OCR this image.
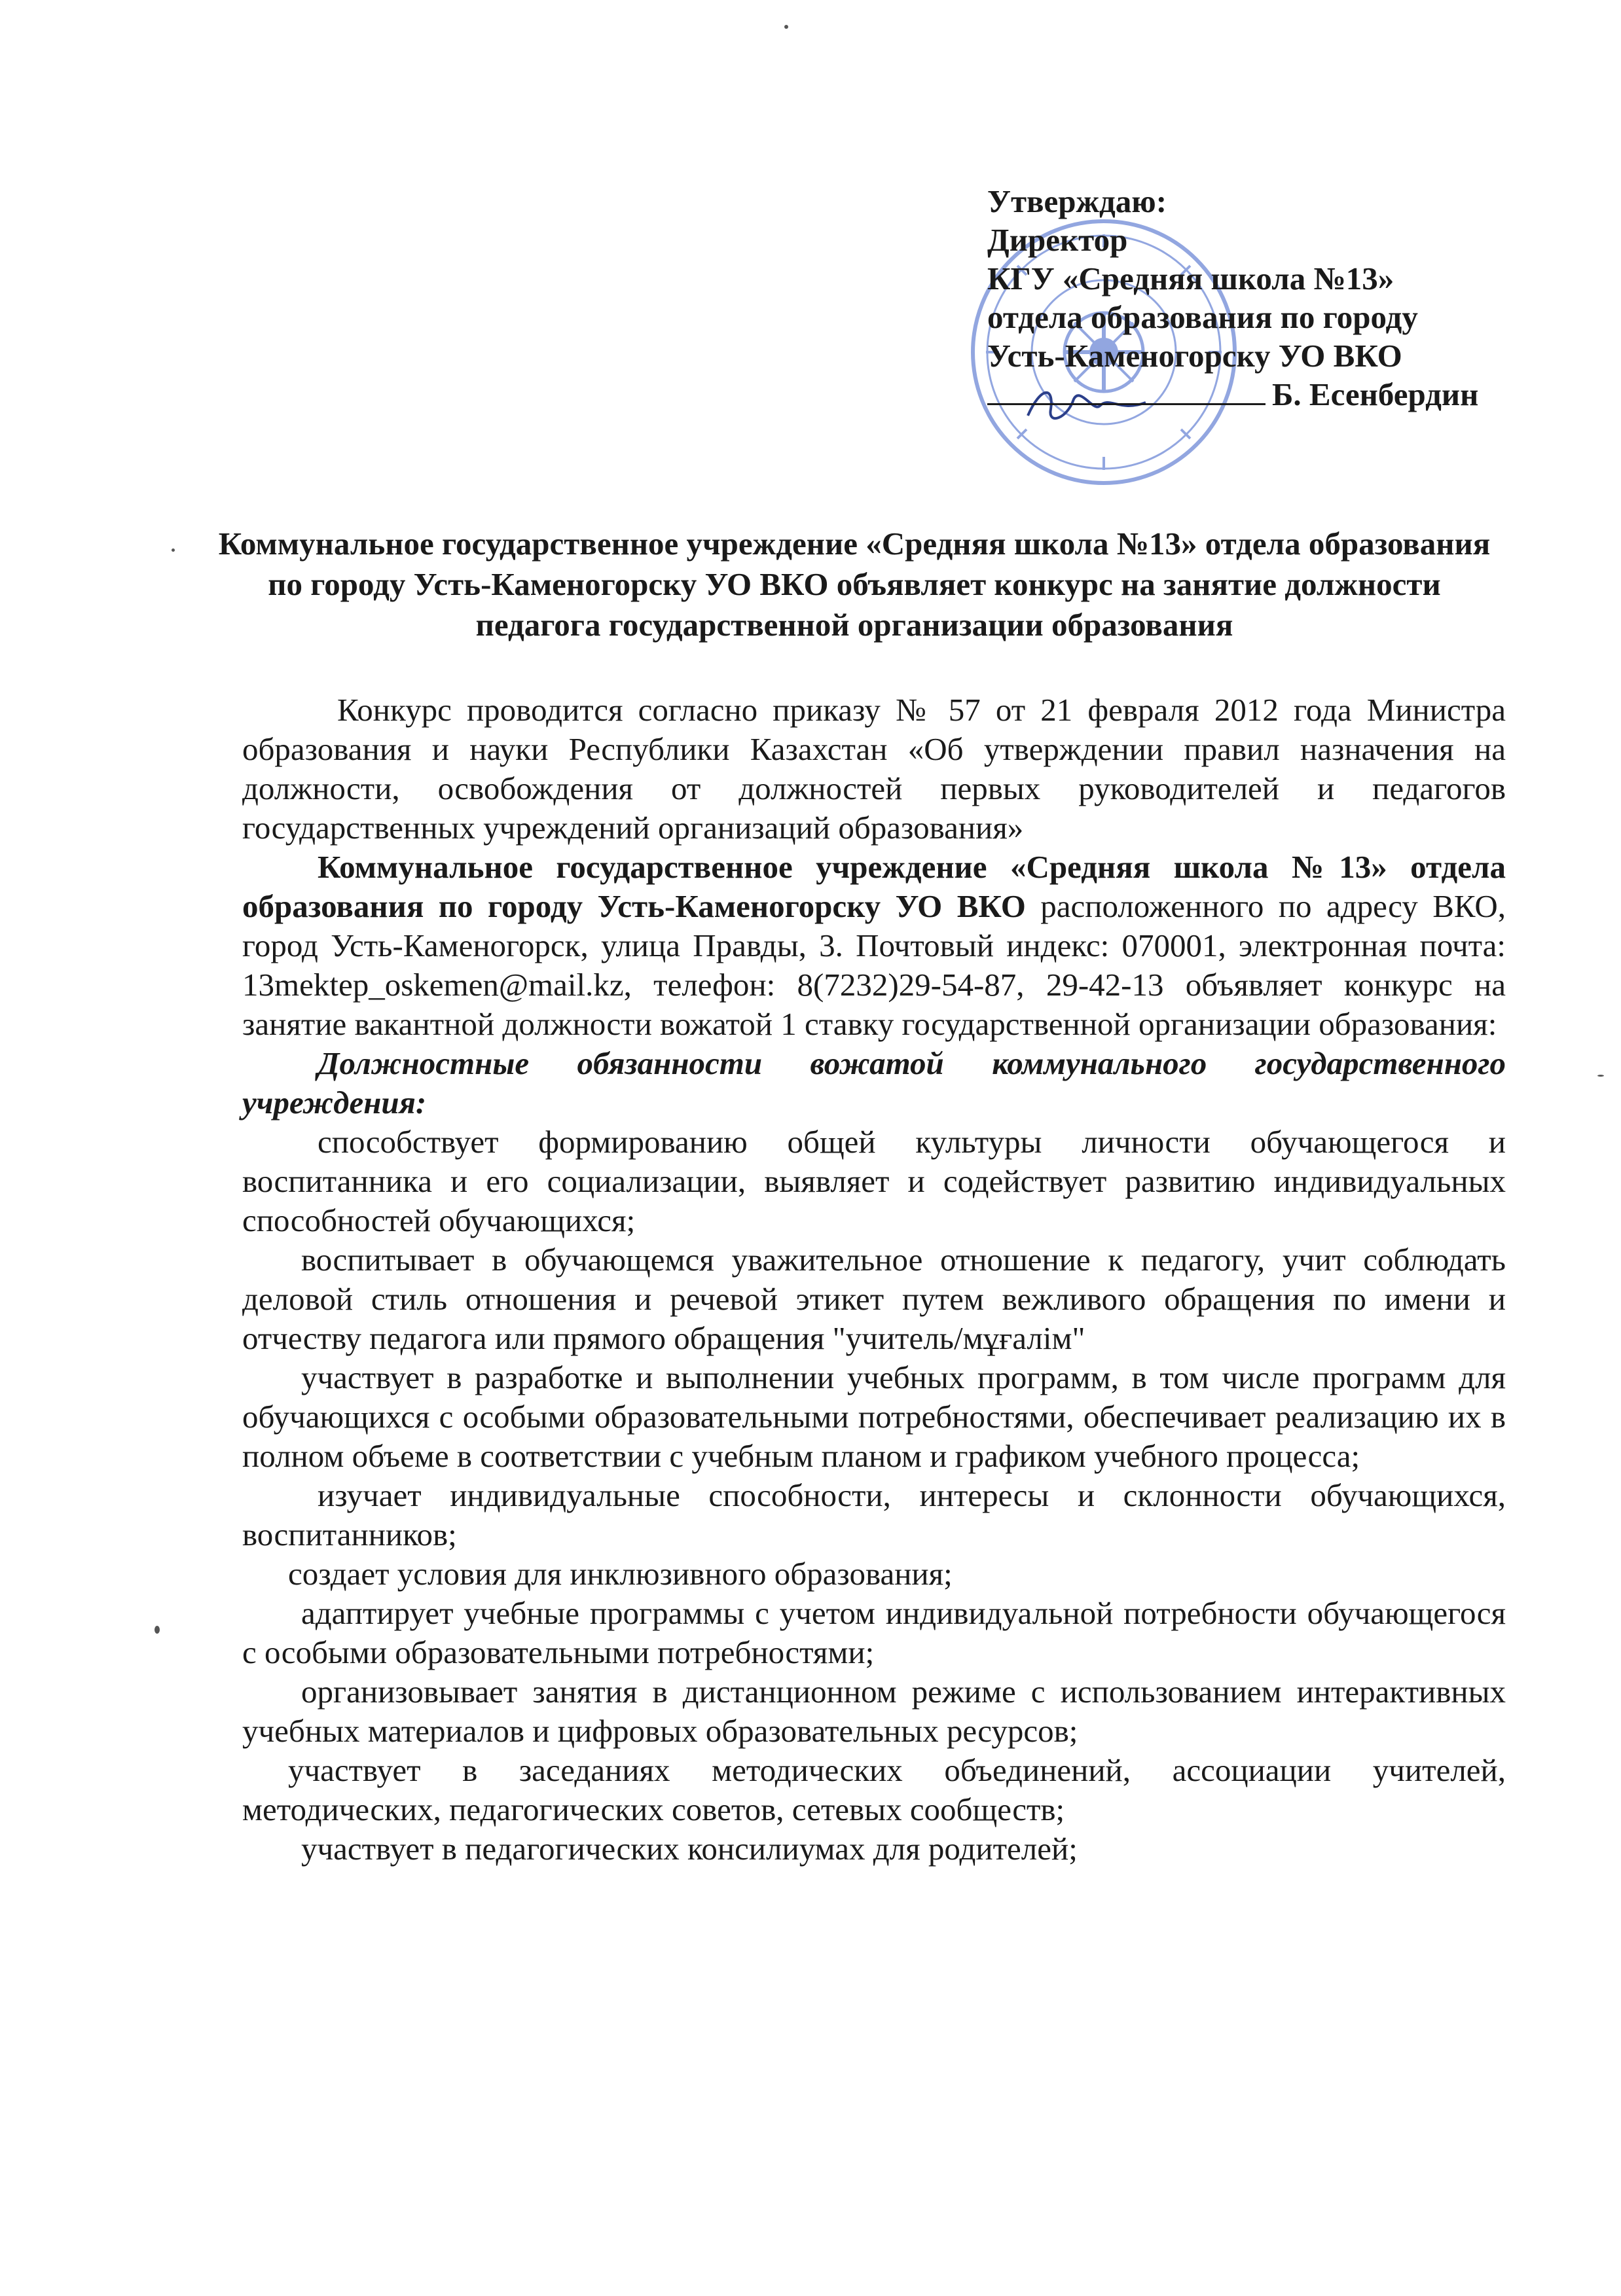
Утверждаю:
Директор
КГУ «Средняя школа №13»
отдела образования по городу
Усть-Каменогорску УО ВКО
Б. Есенбердин
Коммунальное государственное учреждение «Средняя школа №13» отдела образования по городу Усть-Каменогорску УО ВКО объявляет конкурс на занятие должности педагога государственной организации образования

Конкурс проводится согласно приказу № 57 от 21 февраля 2012 года Министра образования и науки Республики Казахстан «Об утверждении правил назначения на должности, освобождения от должностей первых руководителей и педагогов государственных учреждений организаций образования»

Коммунальное государственное учреждение «Средняя школа №13» отдела образования по городу Усть-Каменогорску УО ВКО расположенного по адресу ВКО, город Усть-Каменогорск, улица Правды, 3. Почтовый индекс: 070001, электронная почта: 13mektep_oskemen@mail.kz, телефон: 8(7232)29-54-87, 29-42-13 объявляет конкурс на занятие вакантной должности вожатой 1 ставку государственной организации образования:

Должностные обязанности вожатой коммунального государственного учреждения:

способствует формированию общей культуры личности обучающегося и воспитанника и его социализации, выявляет и содействует развитию индивидуальных способностей обучающихся;

воспитывает в обучающемся уважительное отношение к педагогу, учит соблюдать деловой стиль отношения и речевой этикет путем вежливого обращения по имени и отчеству педагога или прямого обращения "учитель/мұғалім"

участвует в разработке и выполнении учебных программ, в том числе программ для обучающихся с особыми образовательными потребностями, обеспечивает реализацию их в полном объеме в соответствии с учебным планом и графиком учебного процесса;

изучает индивидуальные способности, интересы и склонности обучающихся, воспитанников;

создает условия для инклюзивного образования;

адаптирует учебные программы с учетом индивидуальной потребности обучающегося с особыми образовательными потребностями;

организовывает занятия в дистанционном режиме с использованием интерактивных учебных материалов и цифровых образовательных ресурсов;

участвует в заседаниях методических объединений, ассоциации учителей, методических, педагогических советов, сетевых сообществ;

участвует в педагогических консилиумах для родителей;
